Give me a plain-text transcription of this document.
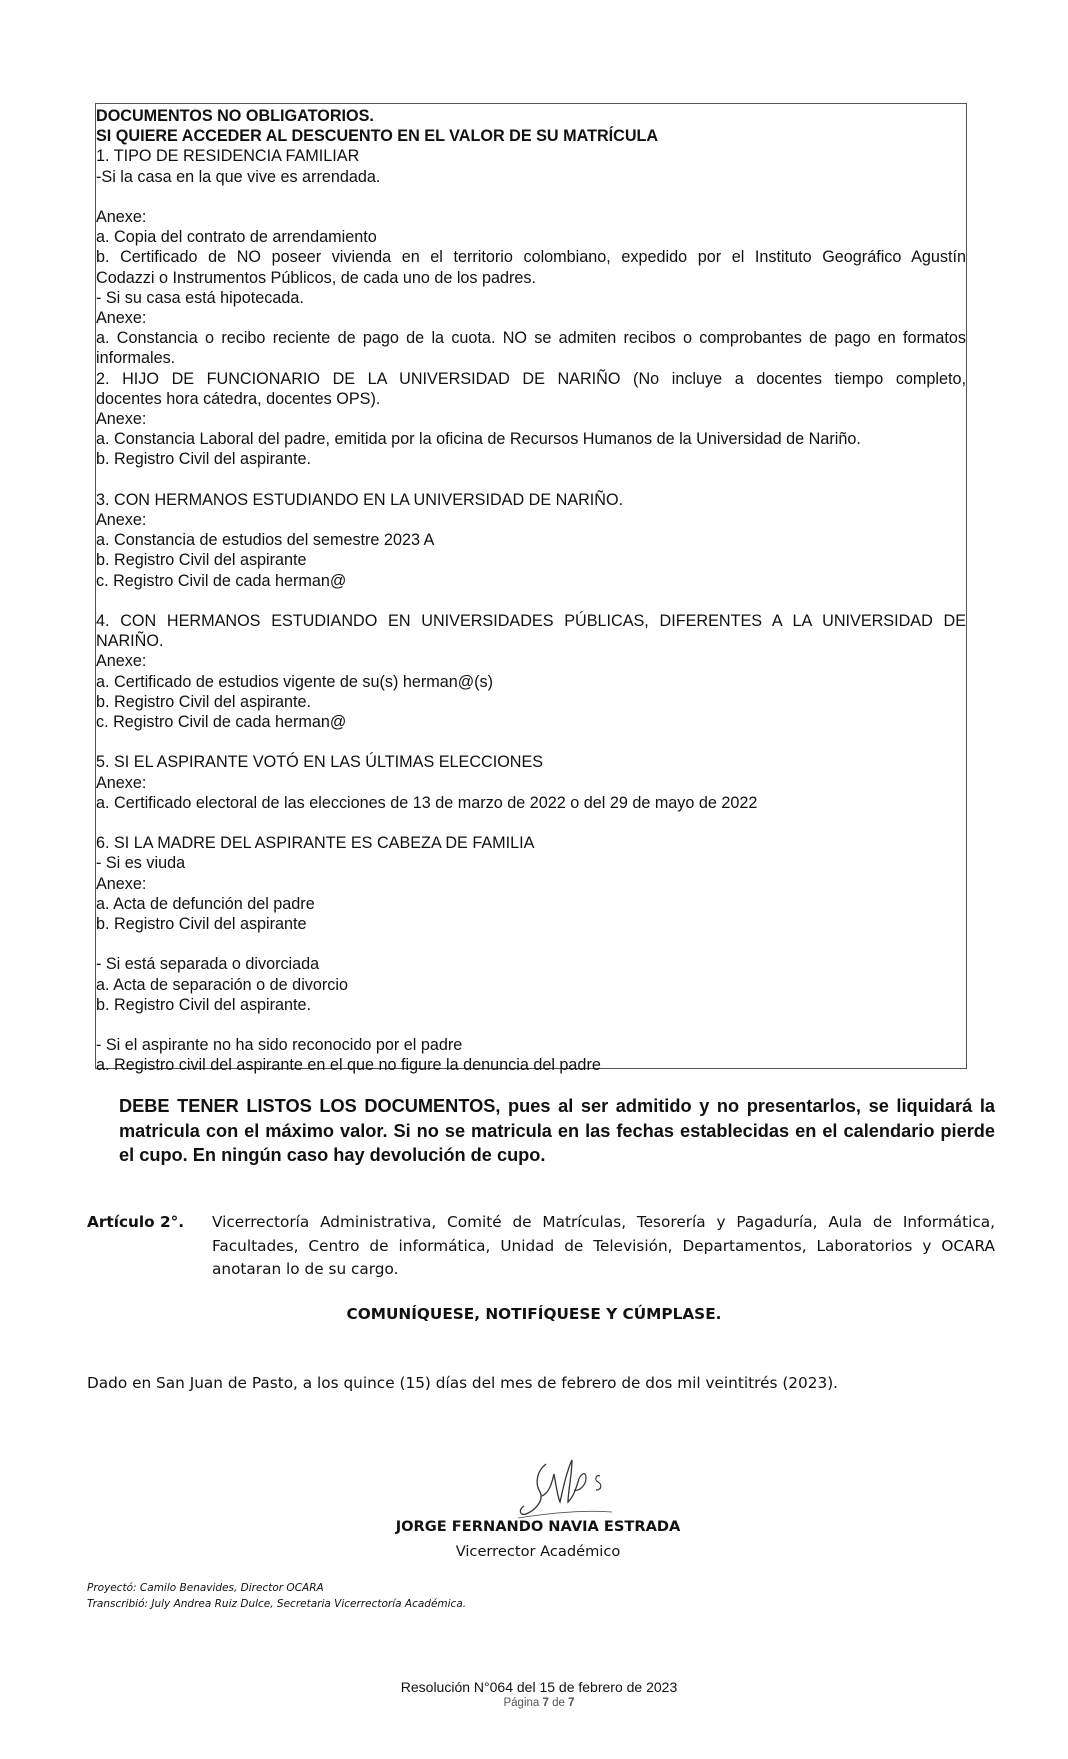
DOCUMENTOS NO OBLIGATORIOS.
SI QUIERE ACCEDER AL DESCUENTO EN EL VALOR DE SU MATRÍCULA
1. TIPO DE RESIDENCIA FAMILIAR
-Si la casa en la que vive es arrendada.
Anexe:
a. Copia del contrato de arrendamiento
b. Certificado de NO poseer vivienda en el territorio colombiano, expedido por el Instituto Geográfico Agustín
Codazzi o Instrumentos Públicos, de cada uno de los padres.
- Si su casa está hipotecada.
Anexe:
a. Constancia o recibo reciente de pago de la cuota. NO se admiten recibos o comprobantes de pago en formatos
informales.
2. HIJO DE FUNCIONARIO DE LA UNIVERSIDAD DE NARIÑO (No incluye a docentes tiempo completo,
docentes hora cátedra, docentes OPS).
Anexe:
a. Constancia Laboral del padre, emitida por la oficina de Recursos Humanos de la Universidad de Nariño.
b. Registro Civil del aspirante.
3. CON HERMANOS ESTUDIANDO EN LA UNIVERSIDAD DE NARIÑO.
Anexe:
a. Constancia de estudios del semestre 2023 A
b. Registro Civil del aspirante
c. Registro Civil de cada herman@
4. CON HERMANOS ESTUDIANDO EN UNIVERSIDADES PÚBLICAS, DIFERENTES A LA UNIVERSIDAD DE
NARIÑO.
Anexe:
a. Certificado de estudios vigente de su(s) herman@(s)
b. Registro Civil del aspirante.
c. Registro Civil de cada herman@
5. SI EL ASPIRANTE VOTÓ EN LAS ÚLTIMAS ELECCIONES
Anexe:
a. Certificado electoral de las elecciones de 13 de marzo de 2022 o del 29 de mayo de 2022
6. SI LA MADRE DEL ASPIRANTE ES CABEZA DE FAMILIA
- Si es viuda
Anexe:
a. Acta de defunción del padre
b. Registro Civil del aspirante
- Si está separada o divorciada
a. Acta de separación o de divorcio
b. Registro Civil del aspirante.
- Si el aspirante no ha sido reconocido por el padre
a. Registro civil del aspirante en el que no figure la denuncia del padre
DEBE TENER LISTOS LOS DOCUMENTOS, pues al ser admitido y no presentarlos, se liquidará la
matricula con el máximo valor. Si no se matricula en las fechas establecidas en el calendario pierde
el cupo. En ningún caso hay devolución de cupo.
Artículo 2°. Vicerrectoría Administrativa, Comité de Matrículas, Tesorería y Pagaduría, Aula de Informática,
Facultades, Centro de informática, Unidad de Televisión, Departamentos, Laboratorios y OCARA
anotaran lo de su cargo.
COMUNÍQUESE, NOTIFÍQUESE Y CÚMPLASE.
Dado en San Juan de Pasto, a los quince (15) días del mes de febrero de dos mil veintitrés (2023).
JORGE FERNANDO NAVIA ESTRADA
Vicerrector Académico
Proyectó: Camilo Benavides, Director OCARA
Transcribió: July Andrea Ruiz Dulce, Secretaria Vicerrectoría Académica.
Resolución N°064 del 15 de febrero de 2023
Página 7 de 7
